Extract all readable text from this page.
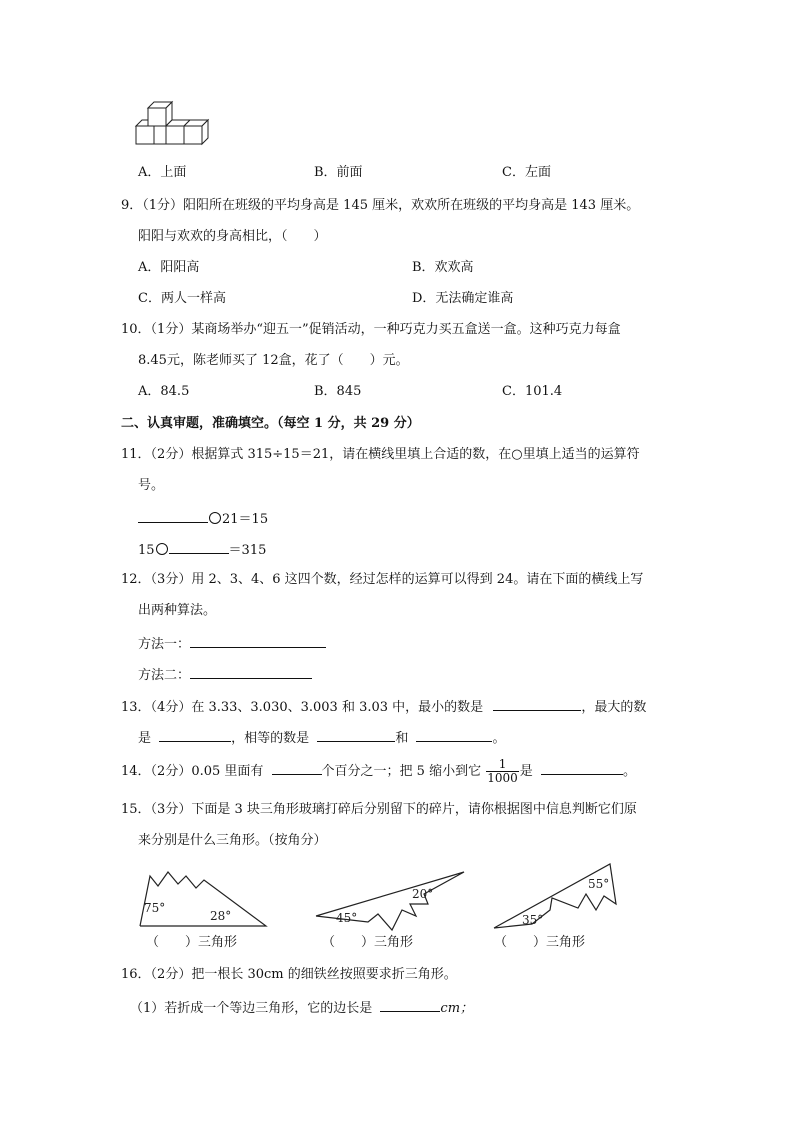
A．上面	B．前面	C．左面
9．（1分）阳阳所在班级的平均身高是 145 厘米，欢欢所在班级的平均身高是 143 厘米。
阳阳与欢欢的身高相比，（　　）
A．阳阳高	B．欢欢高
C．两人一样高	D．无法确定谁高
10．（1分）某商场举办“迎五一”促销活动，一种巧克力买五盒送一盒。这种巧克力每盒
8.45元，陈老师买了 12盒，花了（　　）元。
A．84.5	B．845	C．101.4
二、认真审题，准确填空。（每空 1 分，共 29 分）
11．（2分）根据算式 315÷15＝21，请在横线里填上合适的数，在○里填上适当的运算符
号。
21＝15
15	＝315
12．（3分）用 2、3、4、6 这四个数，经过怎样的运算可以得到 24。请在下面的横线上写
出两种算法。
方法一：
方法二：
13．（4分）在 3.33、3.030、3.003 和 3.03 中，最小的数是	，最大的数
是	，相等的数是	和	。
14．（2分）0.05 里面有	个百分之一；把 5 缩小到它 $\frac{1}{1000}$ 是	。
15．（3分）下面是 3 块三角形玻璃打碎后分别留下的碎片，请你根据图中信息判断它们原
来分别是什么三角形。（按角分）
75°
28°	45°
20°
35°
55°
（　　）三角形	（　　）三角形	（　　）三角形
16．（2分）把一根长 30cm 的细铁丝按照要求折三角形。
（1）若折成一个等边三角形，它的边长是	cm；
